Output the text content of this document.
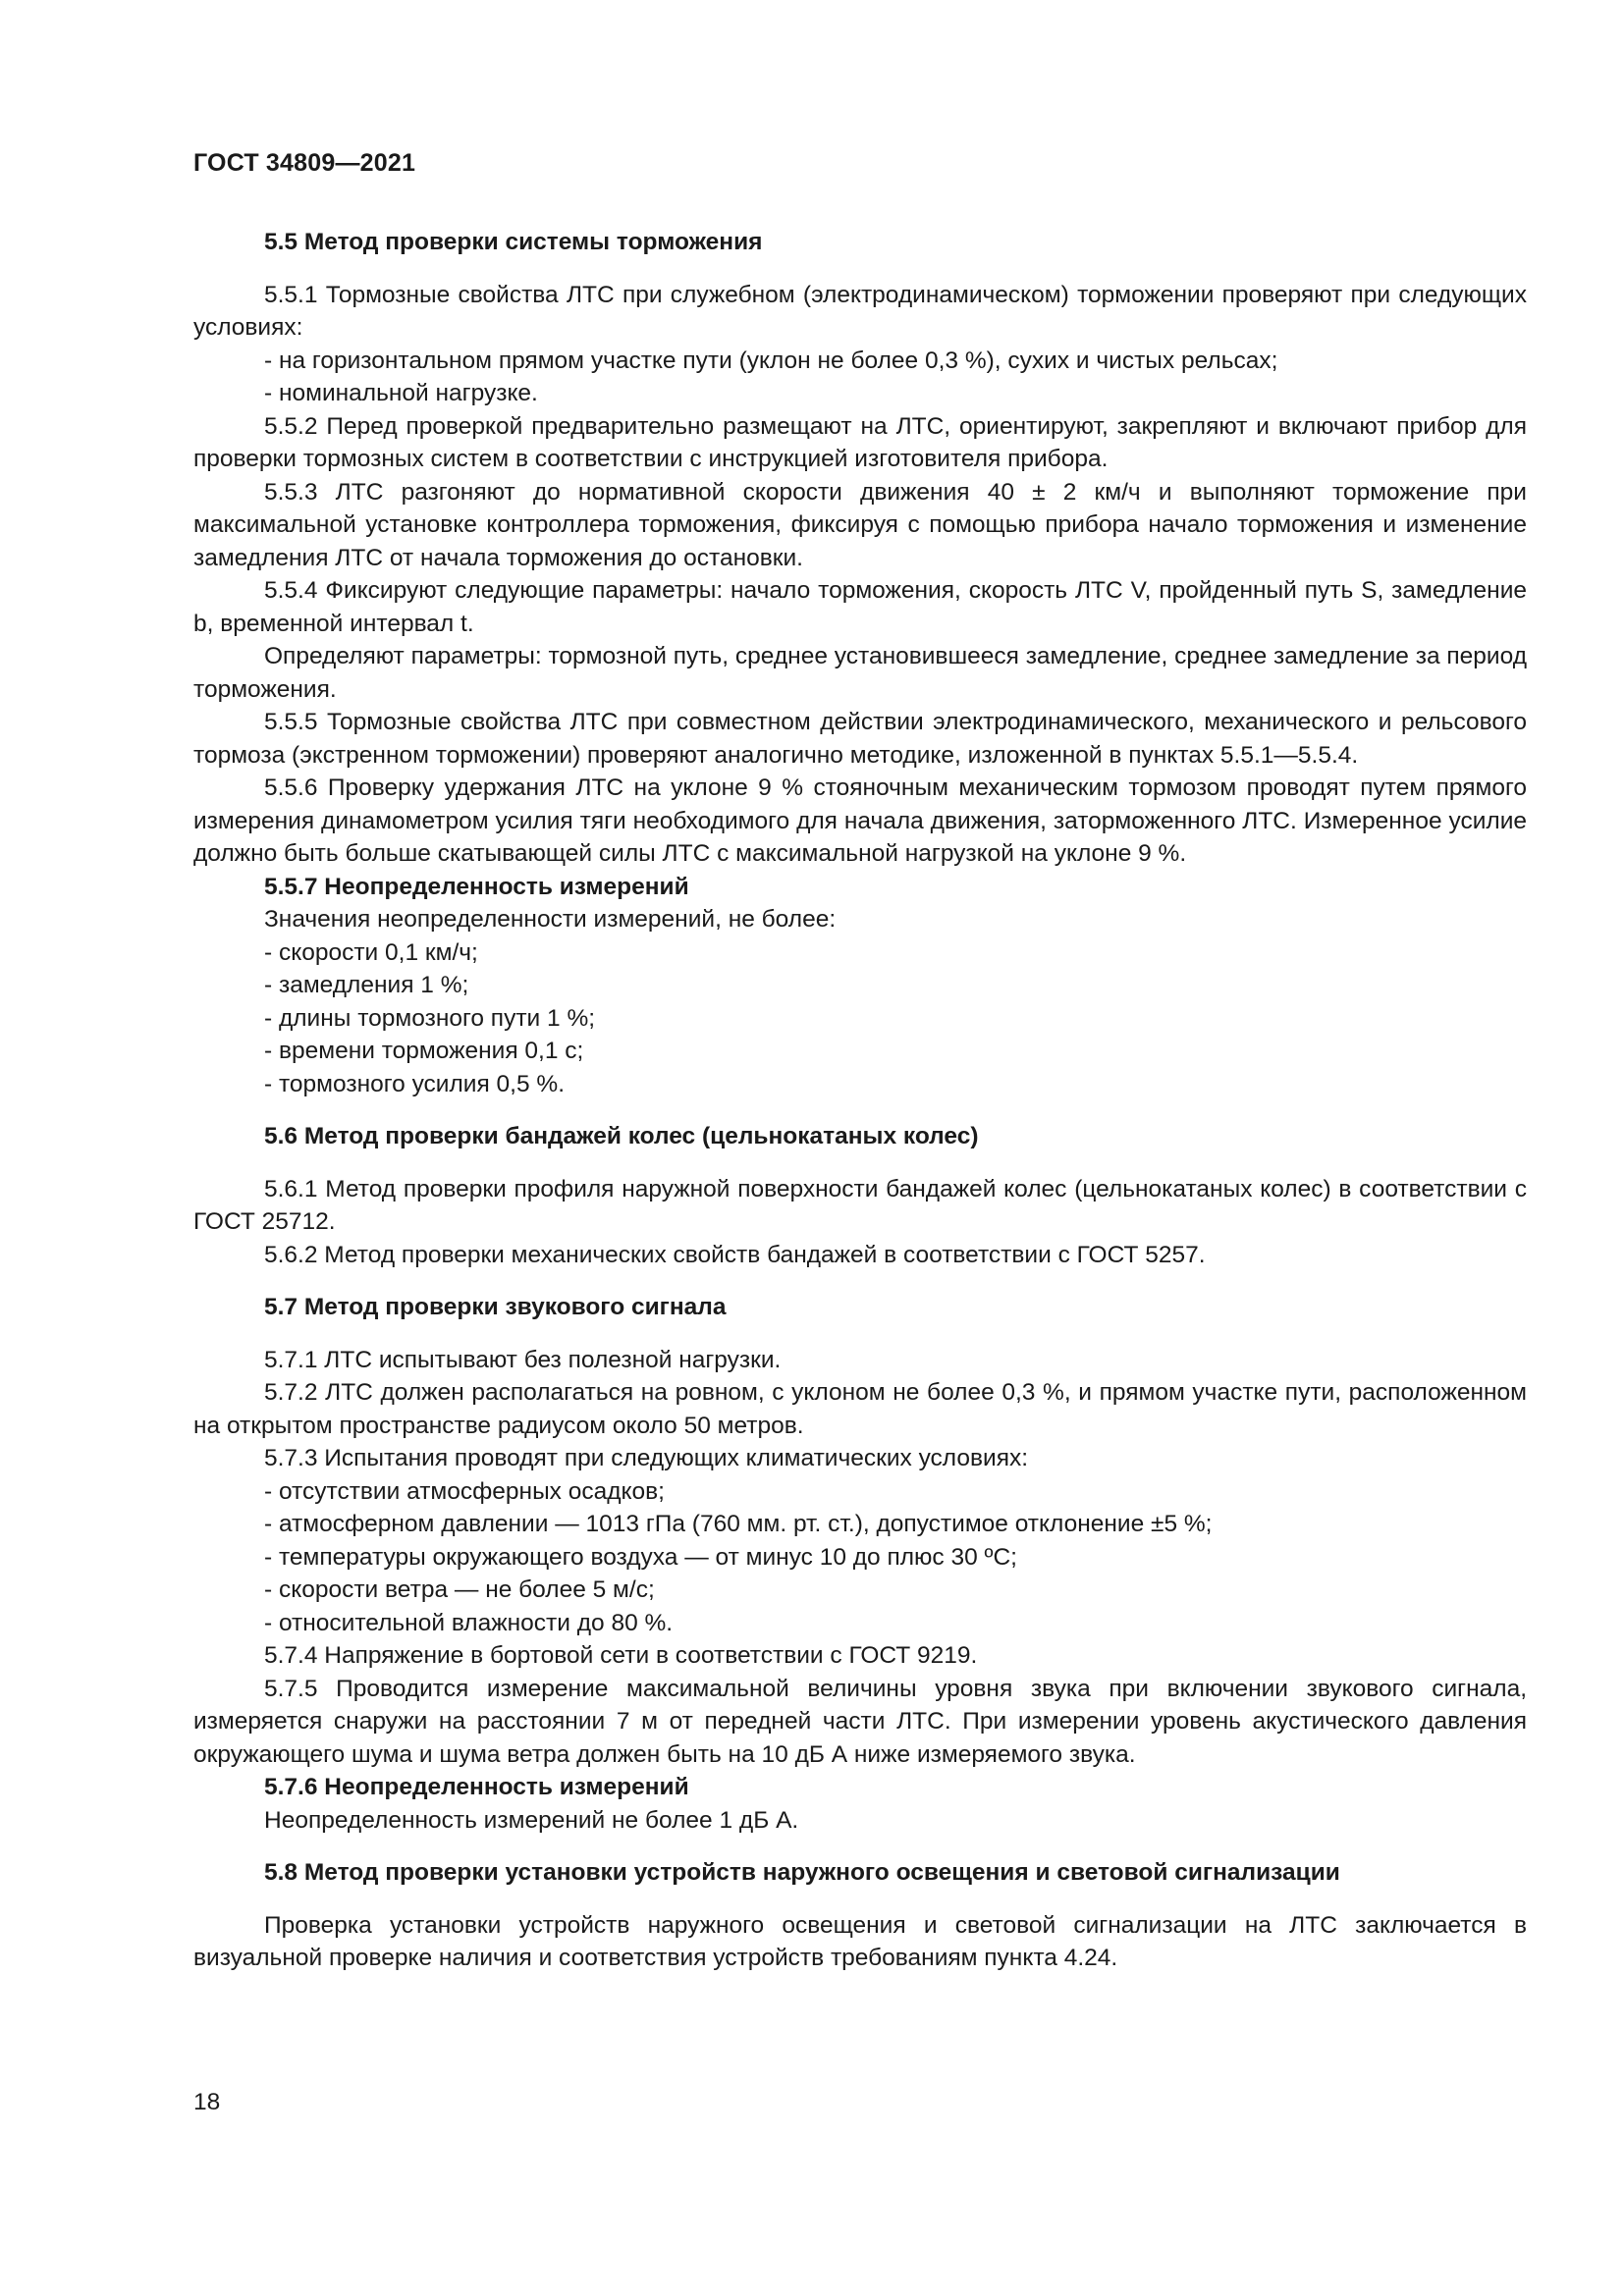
ГОСТ 34809—2021

5.5 Метод проверки системы торможения

5.5.1 Тормозные свойства ЛТС при служебном (электродинамическом) торможении проверяют при следующих условиях:

- на горизонтальном прямом участке пути (уклон не более 0,3 %), сухих и чистых рельсах;

- номинальной нагрузке.

5.5.2 Перед проверкой предварительно размещают на ЛТС, ориентируют, закрепляют и включают прибор для проверки тормозных систем в соответствии с инструкцией изготовителя прибора.

5.5.3 ЛТС разгоняют до нормативной скорости движения 40 ± 2 км/ч и выполняют торможение при максимальной установке контроллера торможения, фиксируя с помощью прибора начало торможения и изменение замедления ЛТС от начала торможения до остановки.

5.5.4 Фиксируют следующие параметры: начало торможения, скорость ЛТС V, пройденный путь S, замедление b, временной интервал t.

Определяют параметры: тормозной путь, среднее установившееся замедление, среднее замедление за период торможения.

5.5.5 Тормозные свойства ЛТС при совместном действии электродинамического, механического и рельсового тормоза (экстренном торможении) проверяют аналогично методике, изложенной в пунктах 5.5.1—5.5.4.

5.5.6 Проверку удержания ЛТС на уклоне 9 % стояночным механическим тормозом проводят путем прямого измерения динамометром усилия тяги необходимого для начала движения, заторможенного ЛТС. Измеренное усилие должно быть больше скатывающей силы ЛТС с максимальной нагрузкой на уклоне 9 %.

5.5.7 Неопределенность измерений

Значения неопределенности измерений, не более:

- скорости 0,1 км/ч;

- замедления 1 %;

- длины тормозного пути 1 %;

- времени торможения 0,1 с;

- тормозного усилия 0,5 %.

5.6 Метод проверки бандажей колес (цельнокатаных колес)

5.6.1 Метод проверки профиля наружной поверхности бандажей колес (цельнокатаных колес) в соответствии с ГОСТ 25712.

5.6.2 Метод проверки механических свойств бандажей в соответствии с ГОСТ 5257.

5.7 Метод проверки звукового сигнала

5.7.1 ЛТС испытывают без полезной нагрузки.

5.7.2 ЛТС должен располагаться на ровном, с уклоном не более 0,3 %, и прямом участке пути, расположенном на открытом пространстве радиусом около 50 метров.

5.7.3 Испытания проводят при следующих климатических условиях:

- отсутствии атмосферных осадков;

- атмосферном давлении — 1013 гПа (760 мм. рт. ст.), допустимое отклонение ±5 %;

- температуры окружающего воздуха — от минус 10 до плюс 30 ºС;

- скорости ветра — не более 5 м/с;

- относительной влажности до 80 %.

5.7.4 Напряжение в бортовой сети в соответствии с ГОСТ 9219.

5.7.5 Проводится измерение максимальной величины уровня звука при включении звукового сигнала, измеряется снаружи на расстоянии 7 м от передней части ЛТС. При измерении уровень акустического давления окружающего шума и шума ветра должен быть на 10 дБ А ниже измеряемого звука.

5.7.6 Неопределенность измерений

Неопределенность измерений не более 1 дБ А.

5.8 Метод проверки установки устройств наружного освещения и световой сигнализации

Проверка установки устройств наружного освещения и световой сигнализации на ЛТС заключается в визуальной проверке наличия и соответствия устройств требованиям пункта 4.24.

18
